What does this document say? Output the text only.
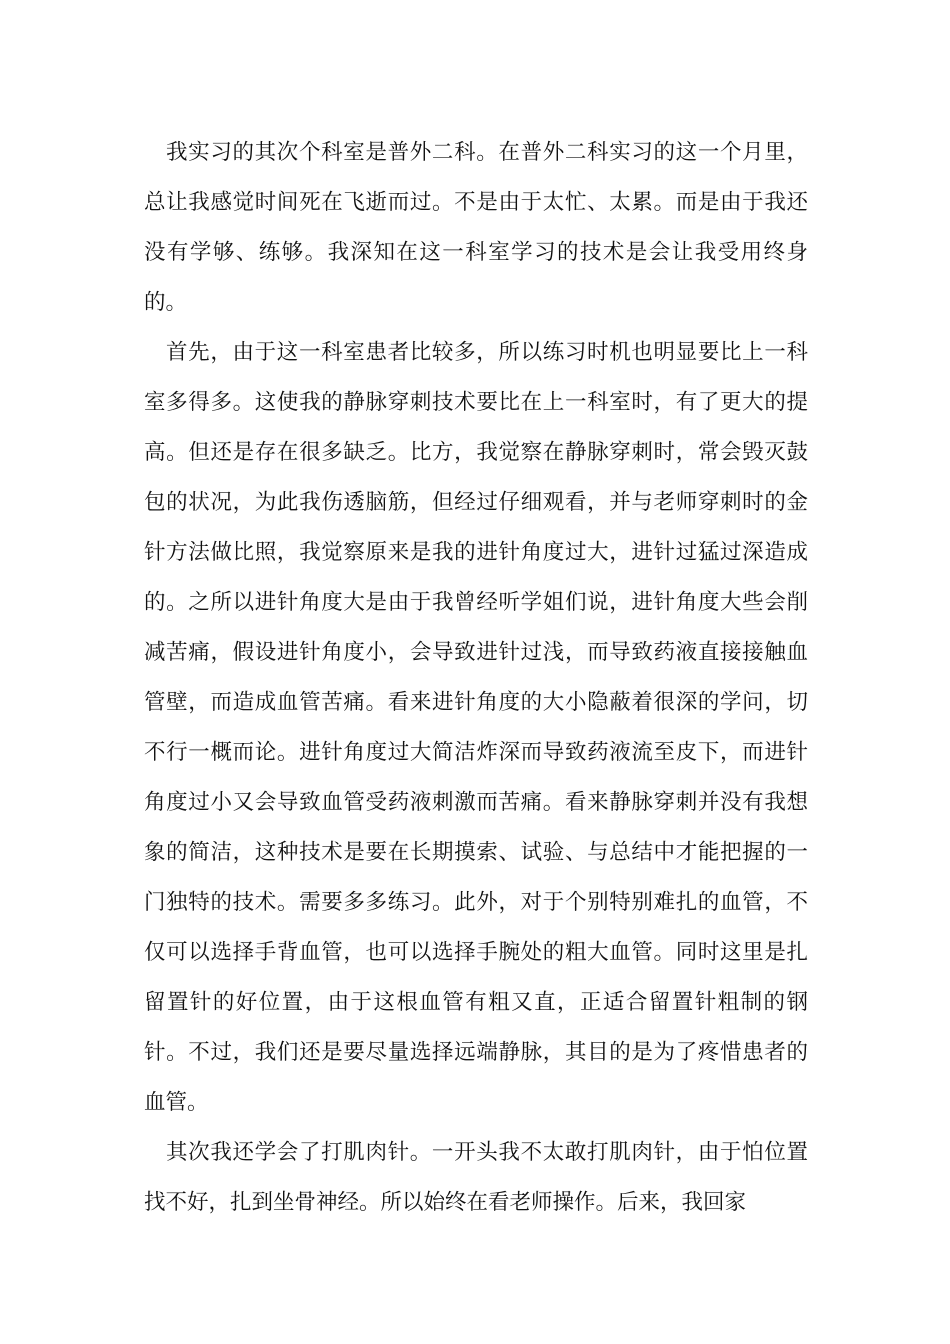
我实习的其次个科室是普外二科。在普外二科实习的这一个月里，总让我感觉时间死在飞逝而过。不是由于太忙、太累。而是由于我还没有学够、练够。我深知在这一科室学习的技术是会让我受用终身的。

首先，由于这一科室患者比较多，所以练习时机也明显要比上一科室多得多。这使我的静脉穿刺技术要比在上一科室时，有了更大的提高。但还是存在很多缺乏。比方，我觉察在静脉穿刺时，常会毁灭鼓包的状况，为此我伤透脑筋，但经过仔细观看，并与老师穿刺时的金针方法做比照，我觉察原来是我的进针角度过大，进针过猛过深造成的。之所以进针角度大是由于我曾经听学姐们说，进针角度大些会削减苦痛，假设进针角度小，会导致进针过浅，而导致药液直接接触血管壁，而造成血管苦痛。看来进针角度的大小隐蔽着很深的学问，切不行一概而论。进针角度过大简洁炸深而导致药液流至皮下，而进针角度过小又会导致血管受药液刺激而苦痛。看来静脉穿刺并没有我想象的简洁，这种技术是要在长期摸索、试验、与总结中才能把握的一门独特的技术。需要多多练习。此外，对于个别特别难扎的血管，不仅可以选择手背血管，也可以选择手腕处的粗大血管。同时这里是扎留置针的好位置，由于这根血管有粗又直，正适合留置针粗制的钢针。不过，我们还是要尽量选择远端静脉，其目的是为了疼惜患者的血管。

其次我还学会了打肌肉针。一开头我不太敢打肌肉针，由于怕位置找不好，扎到坐骨神经。所以始终在看老师操作。后来，我回家
